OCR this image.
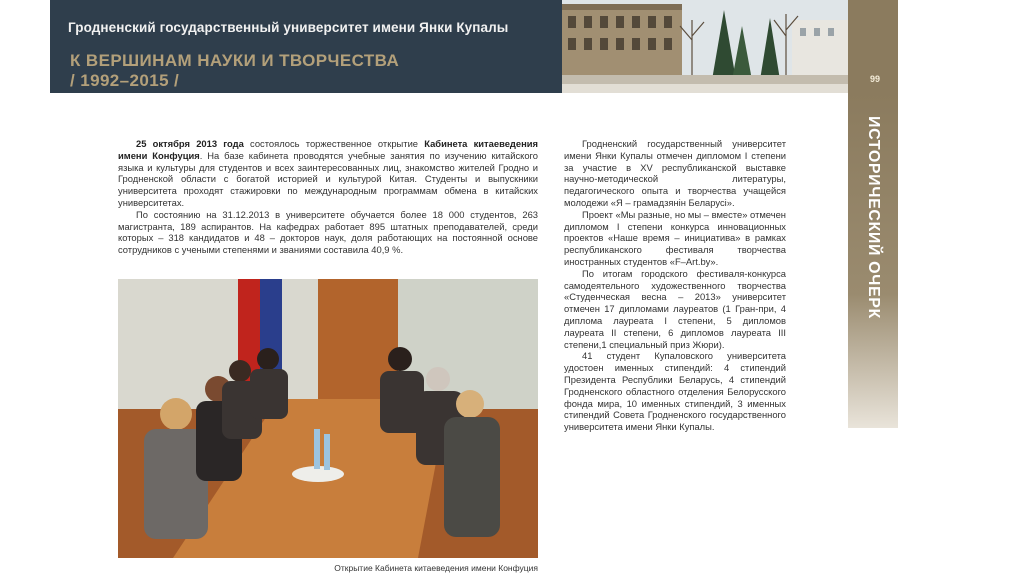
Гродненский государственный университет имени Янки Купалы
К ВЕРШИНАМ НАУКИ И ТВОРЧЕСТВА
/ 1992–2015 /	99
ИСТОРИЧЕСКИЙ ОЧЕРК

25 октября 2013 года состоялось торжественное открытие Кабинета китаеведения имени Конфуция. На базе кабинета проводятся учебные занятия по изучению китайского языка и культуры для студентов и всех заинтересованных лиц, знакомство жителей Гродно и Гродненской области с богатой историей и культурой Китая. Студенты и выпускники университета проходят стажировки по международным программам обмена в китайских университетах.

По состоянию на 31.12.2013 в университете обучается более 18 000 студентов, 263 магистранта, 189 аспирантов. На кафедрах работает 895 штатных преподавателей, среди которых – 318 кандидатов и 48 – докторов наук, доля работающих на постоянной основе сотрудников с учеными степенями и званиями составила 40,9 %.

Гродненский государственный университет имени Янки Купалы отмечен дипломом I степени за участие в XV республиканской выставке научно-методической литературы, педагогического опыта и творчества учащейся молодежи «Я – грамадзянін Беларусі».

Проект «Мы разные, но мы – вместе» отмечен дипломом I степени конкурса инновационных проектов «Наше время – инициатива» в рамках республиканского фестиваля творчества иностранных студентов «F–Art.by».

По итогам городского фестиваля-конкурса самодеятельного художественного творчества «Студенческая весна – 2013» университет отмечен 17 дипломами лауреатов (1 Гран-при, 4 диплома лауреата I степени, 5 дипломов лауреата II степени, 6 дипломов лауреата III степени,1 специальный приз Жюри).

41 студент Купаловского университета удостоен именных стипендий: 4 стипендий Президента Республики Беларусь, 4 стипендий Гродненского областного отделения Белорусского фонда мира, 10 именных стипендий, 3 именных стипендий Совета Гродненского государственного университета имени Янки Купалы.

Открытие Кабинета китаеведения имени Конфуция
